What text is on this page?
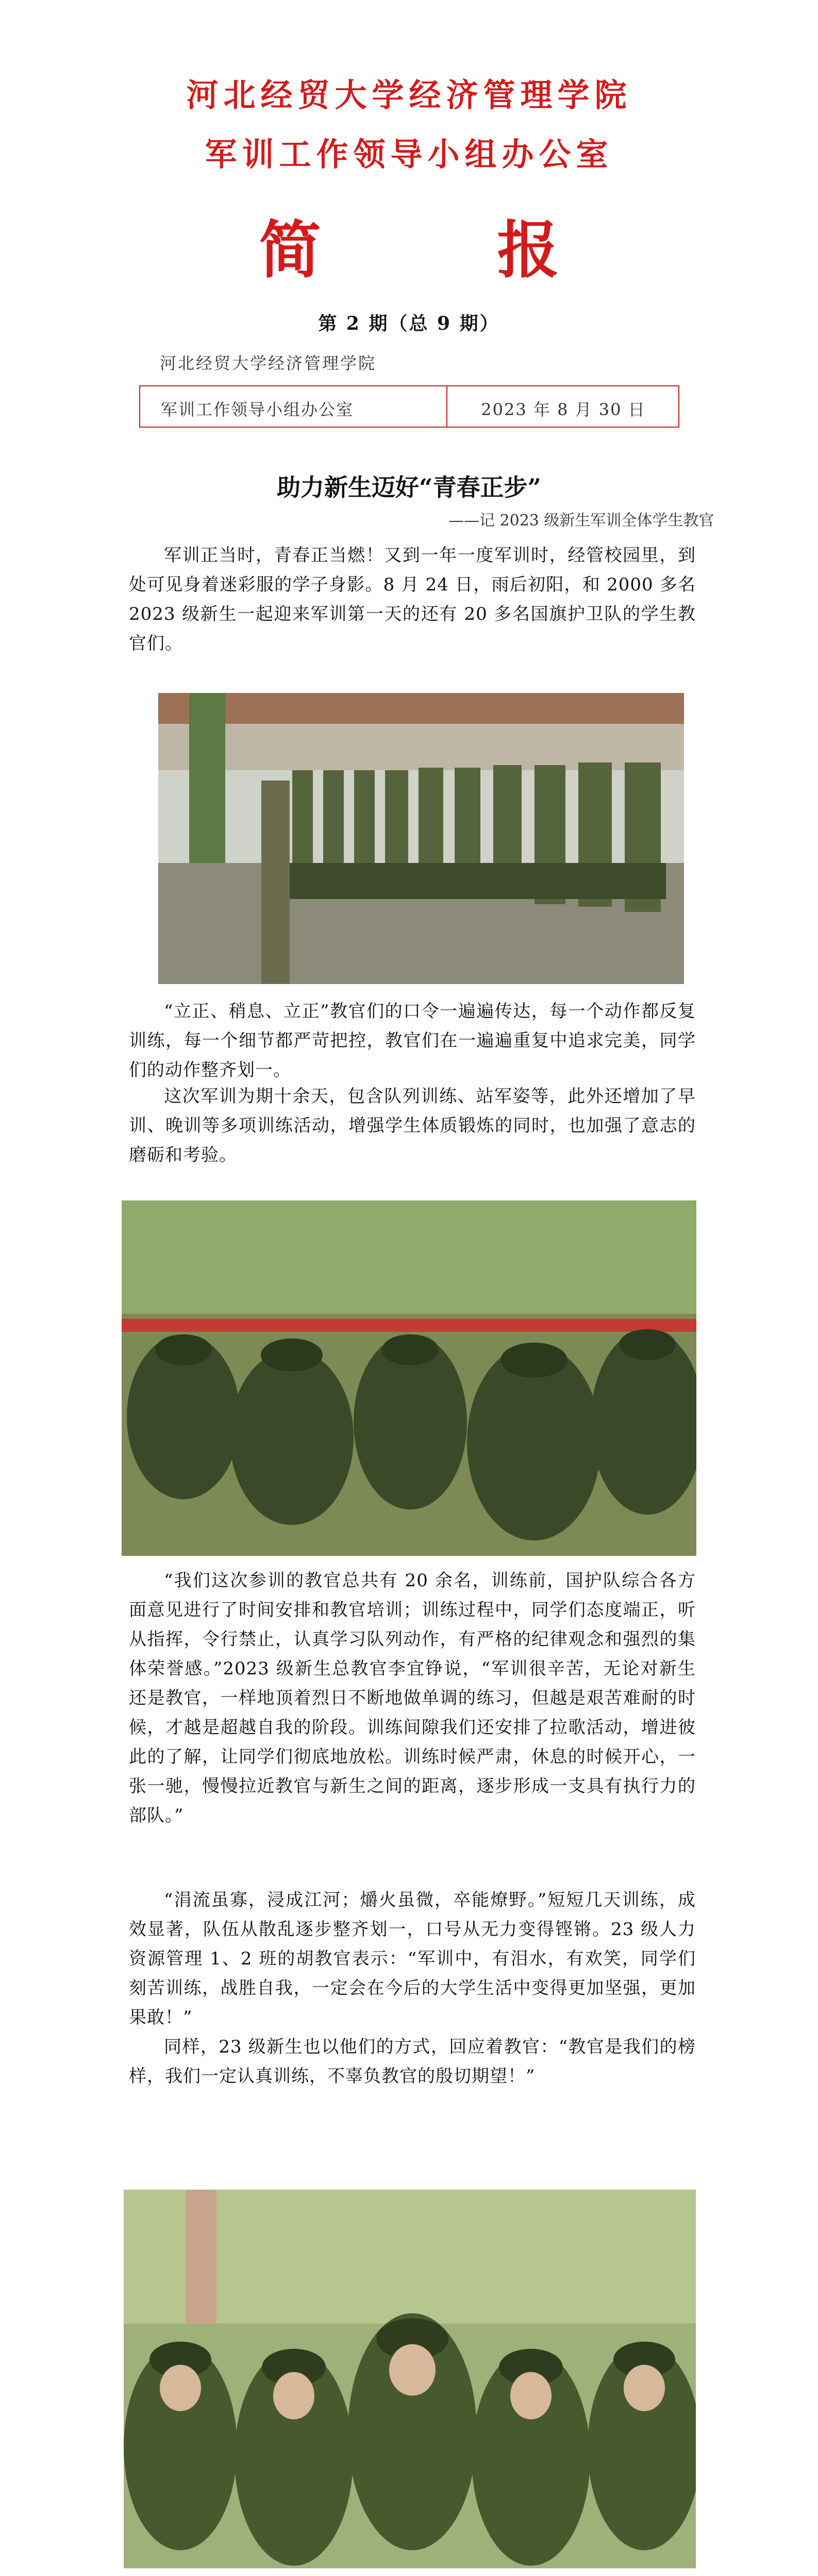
河北经贸大学经济管理学院
军训工作领导小组办公室
简 报
第 2 期（总 9 期）
河北经贸大学经济管理学院
军训工作领导小组办公室	2023 年 8 月 30 日
助力新生迈好“青春正步”
——记 2023 级新生军训全体学生教官

军训正当时，青春正当燃！又到一年一度军训时，经管校园里，到处可见身着迷彩服的学子身影。8 月 24 日，雨后初阳，和 2000 多名 2023 级新生一起迎来军训第一天的还有 20 多名国旗护卫队的学生教官们。

“立正、稍息、立正”教官们的口令一遍遍传达，每一个动作都反复训练，每一个细节都严苛把控，教官们在一遍遍重复中追求完美，同学们的动作整齐划一。

这次军训为期十余天，包含队列训练、站军姿等，此外还增加了早训、晚训等多项训练活动，增强学生体质锻炼的同时，也加强了意志的磨砺和考验。

“我们这次参训的教官总共有 20 余名，训练前，国护队综合各方面意见进行了时间安排和教官培训；训练过程中，同学们态度端正，听从指挥，令行禁止，认真学习队列动作，有严格的纪律观念和强烈的集体荣誉感。”2023 级新生总教官李宜铮说，“军训很辛苦，无论对新生还是教官，一样地顶着烈日不断地做单调的练习，但越是艰苦难耐的时候，才越是超越自我的阶段。训练间隙我们还安排了拉歌活动，增进彼此的了解，让同学们彻底地放松。训练时候严肃，休息的时候开心，一张一驰，慢慢拉近教官与新生之间的距离，逐步形成一支具有执行力的部队。”

“涓流虽寡，浸成江河；爝火虽微，卒能燎野。”短短几天训练，成效显著，队伍从散乱逐步整齐划一，口号从无力变得铿锵。23 级人力资源管理 1、2 班的胡教官表示：“军训中，有泪水，有欢笑，同学们刻苦训练，战胜自我，一定会在今后的大学生活中变得更加坚强，更加果敢！”

同样，23 级新生也以他们的方式，回应着教官：“教官是我们的榜样，我们一定认真训练，不辜负教官的殷切期望！”
